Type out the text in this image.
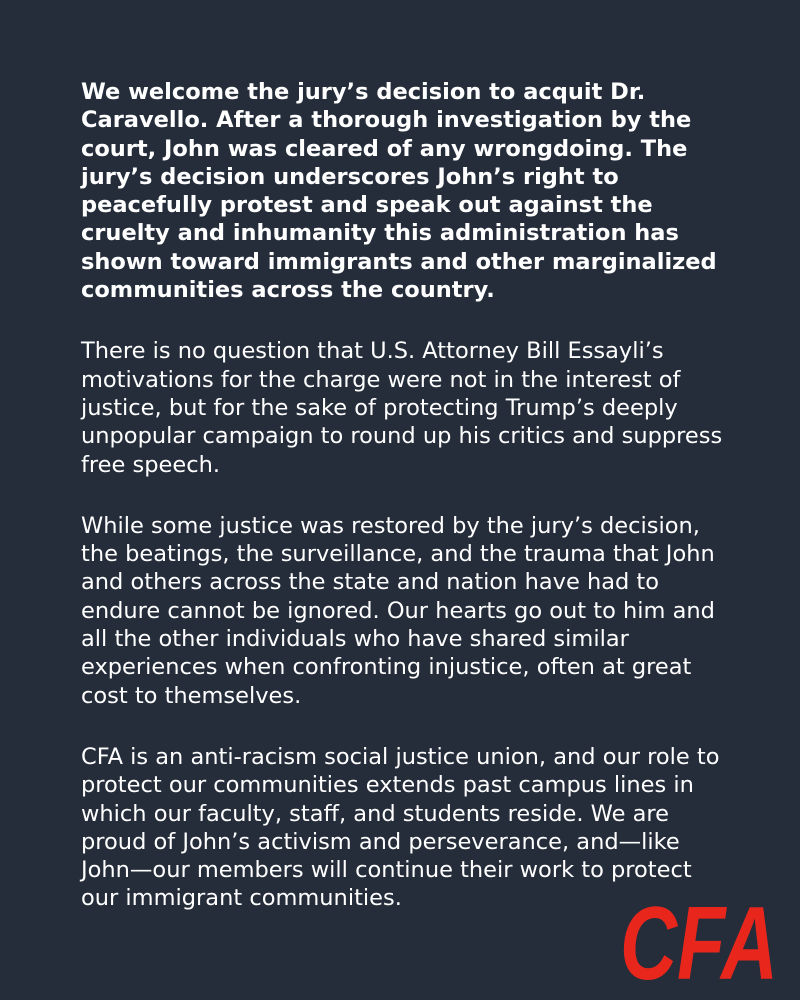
We welcome the jury’s decision to acquit Dr. Caravello. After a thorough investigation by the court, John was cleared of any wrongdoing. The jury’s decision underscores John’s right to peacefully protest and speak out against the cruelty and inhumanity this administration has shown toward immigrants and other marginalized communities across the country.

There is no question that U.S. Attorney Bill Essayli’s motivations for the charge were not in the interest of justice, but for the sake of protecting Trump’s deeply unpopular campaign to round up his critics and suppress free speech.

While some justice was restored by the jury’s decision, the beatings, the surveillance, and the trauma that John and others across the state and nation have had to endure cannot be ignored. Our hearts go out to him and all the other individuals who have shared similar experiences when confronting injustice, often at great cost to themselves.

CFA is an anti-racism social justice union, and our role to protect our communities extends past campus lines in which our faculty, staff, and students reside. We are proud of John’s activism and perseverance, and—like John—our members will continue their work to protect our immigrant communities.	CFA
